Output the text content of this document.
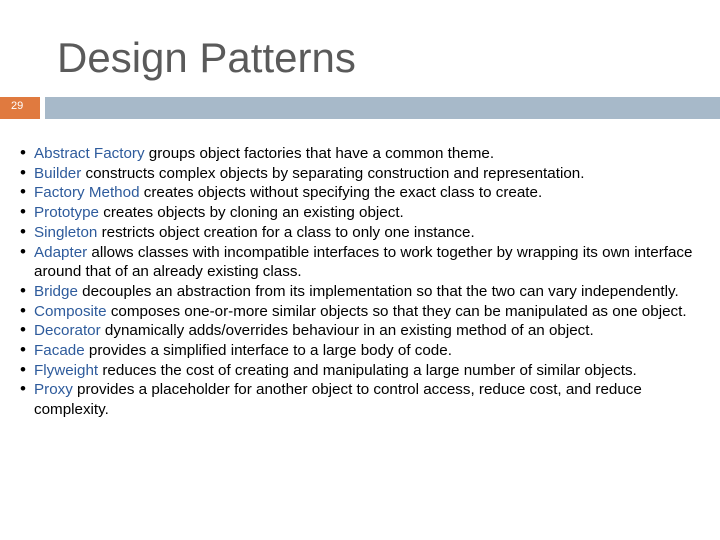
Design Patterns
29
• Abstract Factory groups object factories that have a common theme.
• Builder constructs complex objects by separating construction and representation.
• Factory Method creates objects without specifying the exact class to create.
• Prototype creates objects by cloning an existing object.
• Singleton restricts object creation for a class to only one instance.
• Adapter allows classes with incompatible interfaces to work together by wrapping its own interface around that of an already existing class.
• Bridge decouples an abstraction from its implementation so that the two can vary independently.
• Composite composes one-or-more similar objects so that they can be manipulated as one object.
• Decorator dynamically adds/overrides behaviour in an existing method of an object.
• Facade provides a simplified interface to a large body of code.
• Flyweight reduces the cost of creating and manipulating a large number of similar objects.
• Proxy provides a placeholder for another object to control access, reduce cost, and reduce complexity.
